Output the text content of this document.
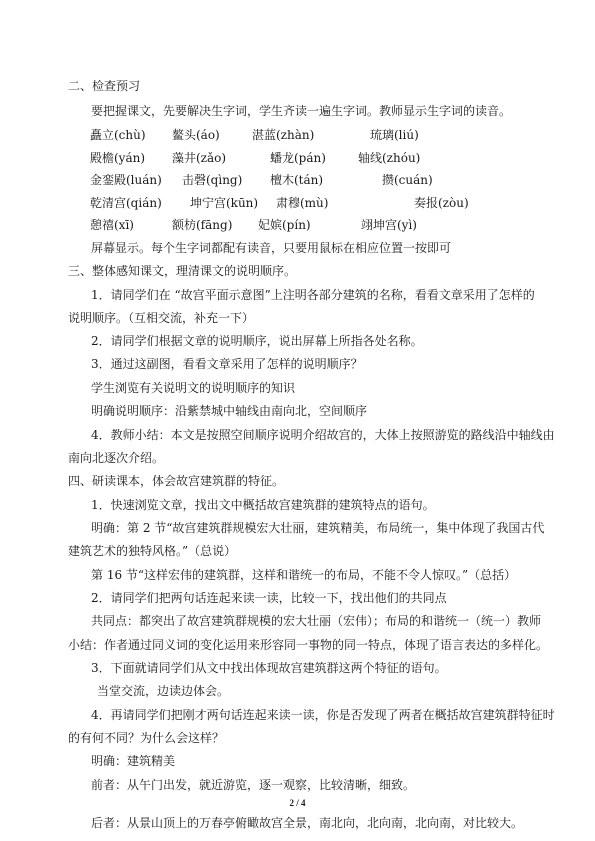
二、检查预习
要把握课文，先要解决生字词，学生齐读一遍生字词。教师显示生字词的读音。
矗立(chù) 鳌头(áo)	湛蓝(zhàn)	琉璃(liú)
殿檐(yán) 藻井(zǎo)	蟠龙(pán)	轴线(zhóu)
金銮殿(luán) 击磬(qìng) 檀木(tán)	攒(cuán)
乾清宫(qián) 坤宁宫(kūn) 肃穆(mù)	奏报(zòu)
憩禧(xī)	额枋(fāng) 妃嫔(pín)	翊坤宫(yì)
屏幕显示。每个生字词都配有读音，只要用鼠标在相应位置一按即可
三、整体感知课文，理清课文的说明顺序。
1．请同学们在 “故宫平面示意图”上注明各部分建筑的名称，看看文章采用了怎样的
说明顺序。（互相交流，补充一下）
2．请同学们根据文章的说明顺序，说出屏幕上所指各处名称。
3．通过这副图，看看文章采用了怎样的说明顺序？
学生浏览有关说明文的说明顺序的知识
明确说明顺序：沿紫禁城中轴线由南向北，空间顺序
4．教师小结：本文是按照空间顺序说明介绍故宫的，大体上按照游览的路线沿中轴线由
南向北逐次介绍。
四、研读课本，体会故宫建筑群的特征。
1．快速浏览文章，找出文中概括故宫建筑群的建筑特点的语句。
明确：第 2 节“故宫建筑群规模宏大壮丽，建筑精美，布局统一，集中体现了我国古代
建筑艺术的独特风格。”（总说）
第 16 节“这样宏伟的建筑群，这样和谐统一的布局，不能不令人惊叹。”（总括）
2．请同学们把两句话连起来读一读，比较一下，找出他们的共同点
共同点：都突出了故宫建筑群规模的宏大壮丽（宏伟）；布局的和谐统一（统一）教师
小结：作者通过同义词的变化运用来形容同一事物的同一特点，体现了语言表达的多样化。
3．下面就请同学们从文中找出体现故宫建筑群这两个特征的语句。
当堂交流，边读边体会。
4．再请同学们把刚才两句话连起来读一读，你是否发现了两者在概括故宫建筑群特征时
的有何不同？为什么会这样？
明确：建筑精美
前者：从午门出发，就近游览，逐一观察，比较清晰，细致。
后者：从景山顶上的万春亭俯瞰故宫全景，南北向，北向南，北向南，对比较大。
2 / 4
